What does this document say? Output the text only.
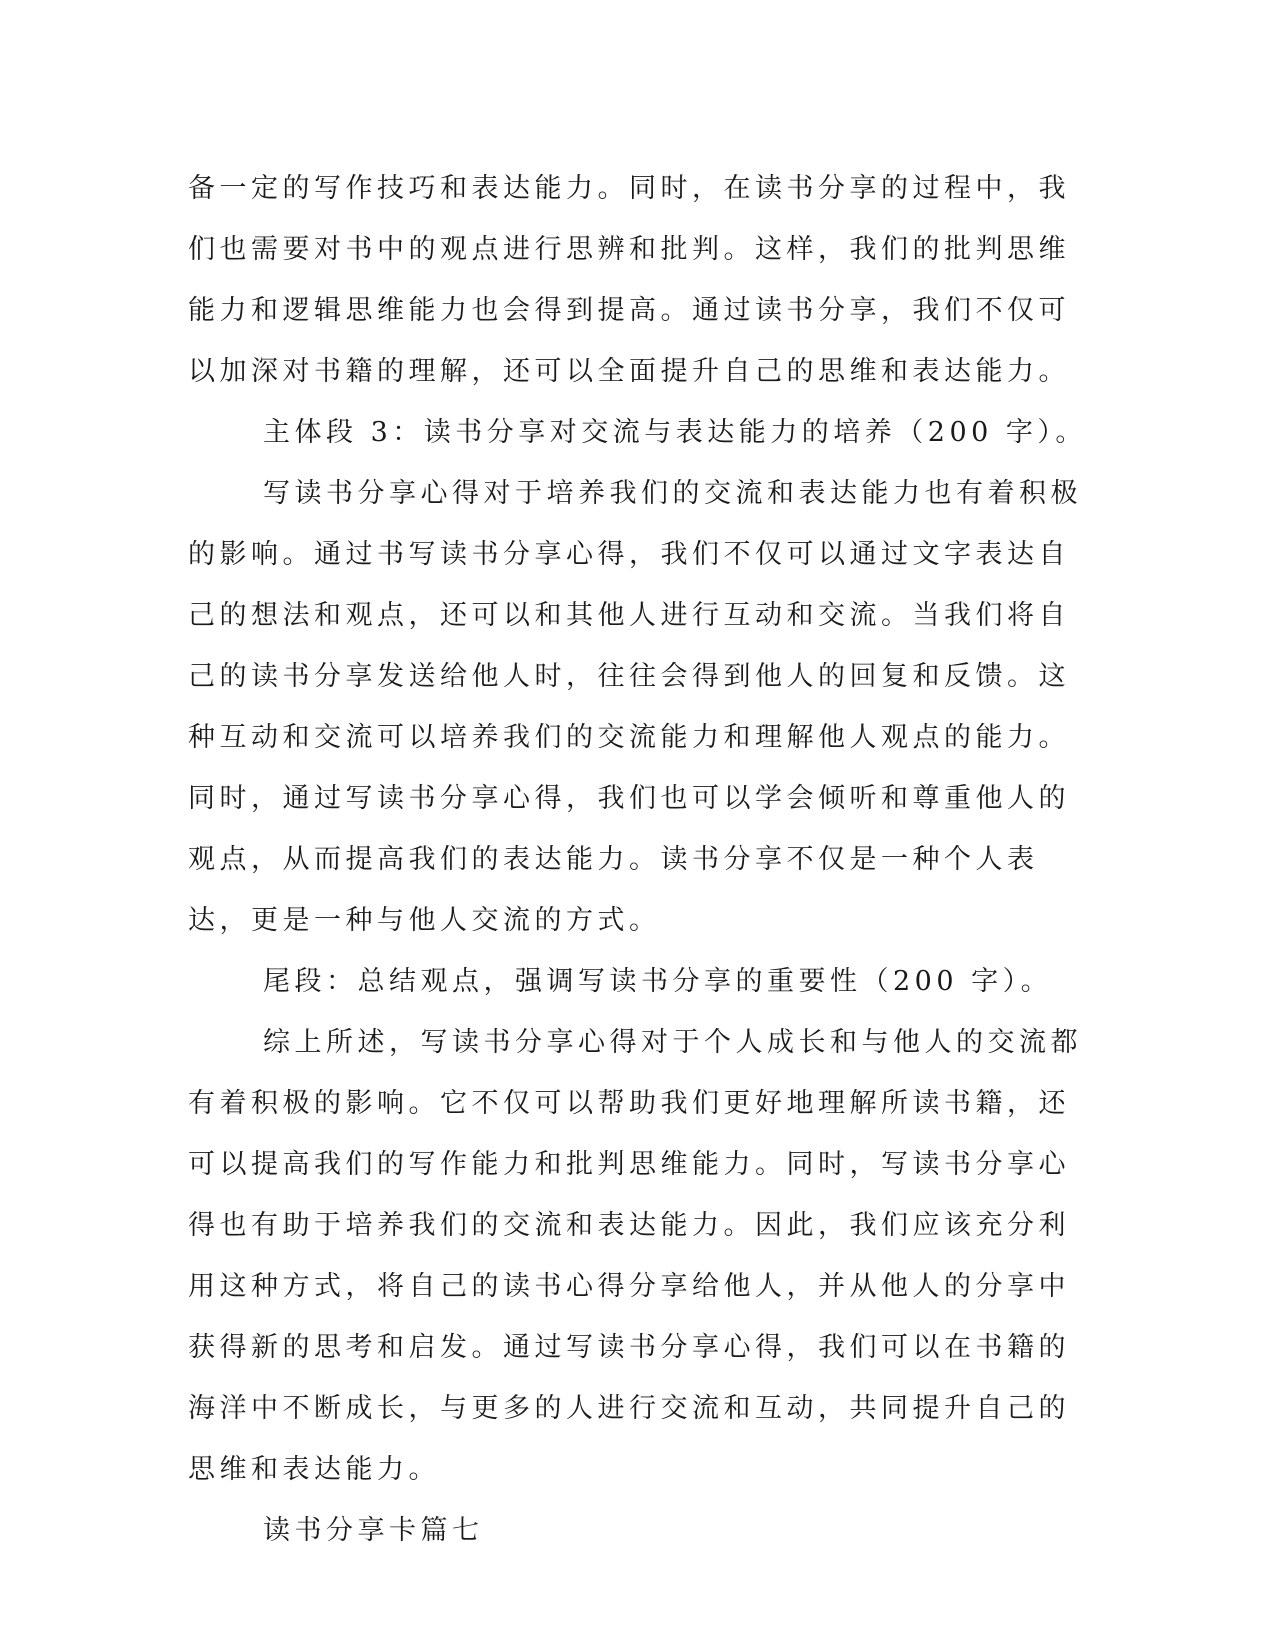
备一定的写作技巧和表达能力。同时，在读书分享的过程中，我们也需要对书中的观点进行思辨和批判。这样，我们的批判思维能力和逻辑思维能力也会得到提高。通过读书分享，我们不仅可以加深对书籍的理解，还可以全面提升自己的思维和表达能力。

主体段 3：读书分享对交流与表达能力的培养（200 字）。

写读书分享心得对于培养我们的交流和表达能力也有着积极的影响。通过书写读书分享心得，我们不仅可以通过文字表达自己的想法和观点，还可以和其他人进行互动和交流。当我们将自己的读书分享发送给他人时，往往会得到他人的回复和反馈。这种互动和交流可以培养我们的交流能力和理解他人观点的能力。同时，通过写读书分享心得，我们也可以学会倾听和尊重他人的观点，从而提高我们的表达能力。读书分享不仅是一种个人表达，更是一种与他人交流的方式。

尾段：总结观点，强调写读书分享的重要性（200 字）。

综上所述，写读书分享心得对于个人成长和与他人的交流都有着积极的影响。它不仅可以帮助我们更好地理解所读书籍，还可以提高我们的写作能力和批判思维能力。同时，写读书分享心得也有助于培养我们的交流和表达能力。因此，我们应该充分利用这种方式，将自己的读书心得分享给他人，并从他人的分享中获得新的思考和启发。通过写读书分享心得，我们可以在书籍的海洋中不断成长，与更多的人进行交流和互动，共同提升自己的思维和表达能力。

读书分享卡篇七
